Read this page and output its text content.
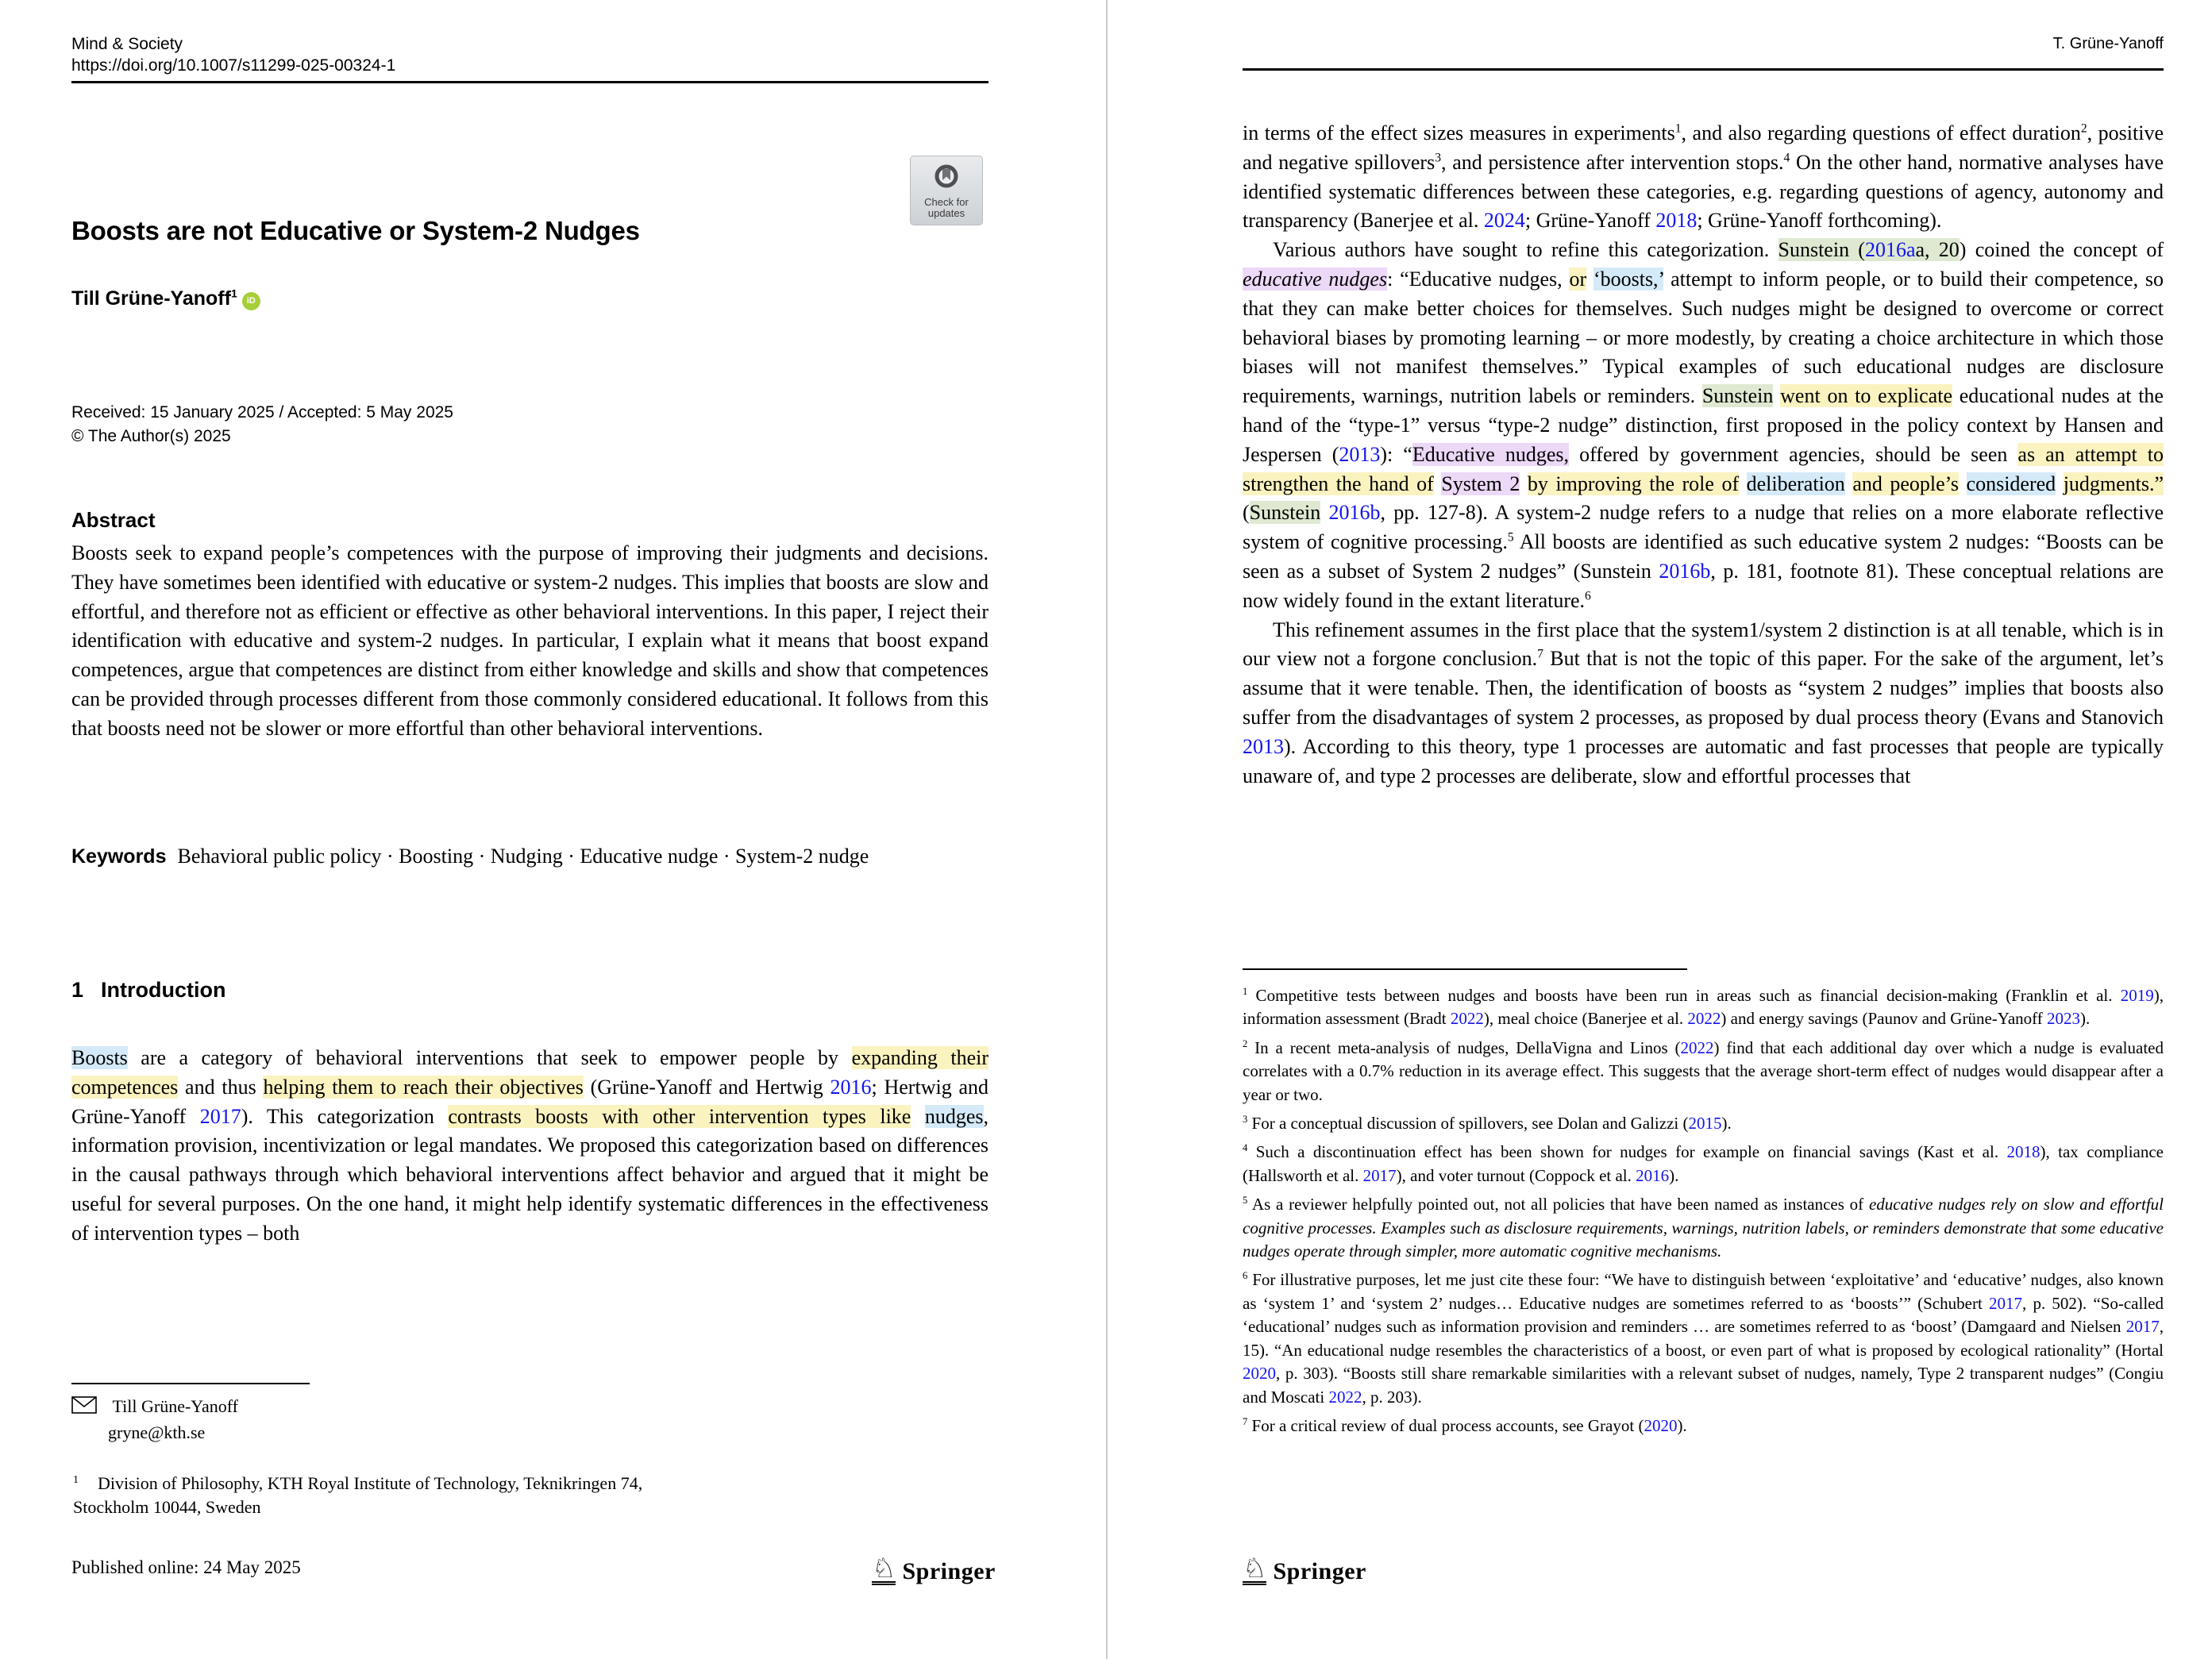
Mind & Society
https://doi.org/10.1007/s11299-025-00324-1
Check for
updates
Boosts are not Educative or System-2 Nudges
Till Grüne-Yanoff$^1$iD
Received: 15 January 2025 / Accepted: 5 May 2025
© The Author(s) 2025
Abstract
Boosts seek to expand people’s competences with the purpose of improving their judgments and decisions. They have sometimes been identified with educative or system-2 nudges. This implies that boosts are slow and effortful, and therefore not as efficient or effective as other behavioral interventions. In this paper, I reject their identification with educative and system-2 nudges. In particular, I explain what it means that boost expand competences, argue that competences are distinct from either knowledge and skills and show that competences can be provided through processes different from those commonly considered educational. It follows from this that boosts need not be slower or more effortful than other behavioral interventions.
Keywords Behavioral public policy · Boosting · Nudging · Educative nudge · System-2 nudge
1 Introduction
Boosts are a category of behavioral interventions that seek to empower people by expanding their competences and thus helping them to reach their objectives (Grüne-Yanoff and Hertwig 2016; Hertwig and Grüne-Yanoff 2017). This categorization contrasts boosts with other intervention types like nudges, information provision, incentivization or legal mandates. We proposed this categorization based on differences in the causal pathways through which behavioral interventions affect behavior and argued that it might be useful for several purposes. On the one hand, it might help identify systematic differences in the effectiveness of intervention types – both
Till Grüne-Yanoff
gryne@kth.se
$^1$ Division of Philosophy, KTH Royal Institute of Technology, Teknikringen 74, Stockholm 10044, Sweden
Published online: 24 May 2025	♘ Springer
T. Grüne-Yanoff

in terms of the effect sizes measures in experiments$^1$, and also regarding questions of effect duration$^2$, positive and negative spillovers$^3$, and persistence after intervention stops.$^4$ On the other hand, normative analyses have identified systematic differences between these categories, e.g. regarding questions of agency, autonomy and transparency (Banerjee et al. 2024; Grüne-Yanoff 2018; Grüne-Yanoff forthcoming).

Various authors have sought to refine this categorization. Sunstein (2016aa, 20) coined the concept of educative nudges: “Educative nudges, or ‘boosts,’ attempt to inform people, or to build their competence, so that they can make better choices for themselves. Such nudges might be designed to overcome or correct behavioral biases by promoting learning – or more modestly, by creating a choice architecture in which those biases will not manifest themselves.” Typical examples of such educational nudges are disclosure requirements, warnings, nutrition labels or reminders. Sunstein went on to explicate educational nudes at the hand of the “type-1” versus “type-2 nudge” distinction, first proposed in the policy context by Hansen and Jespersen (2013): “Educative nudges, offered by government agencies, should be seen as an attempt to strengthen the hand of System 2 by improving the role of deliberation and people’s considered judgments.” (Sunstein 2016b, pp. 127-8). A system-2 nudge refers to a nudge that relies on a more elaborate reflective system of cognitive processing.$^5$ All boosts are identified as such educative system 2 nudges: “Boosts can be seen as a subset of System 2 nudges” (Sunstein 2016b, p. 181, footnote 81). These conceptual relations are now widely found in the extant literature.$^6$

This refinement assumes in the first place that the system1/system 2 distinction is at all tenable, which is in our view not a forgone conclusion.$^7$ But that is not the topic of this paper. For the sake of the argument, let’s assume that it were tenable. Then, the identification of boosts as “system 2 nudges” implies that boosts also suffer from the disadvantages of system 2 processes, as proposed by dual process theory (Evans and Stanovich 2013). According to this theory, type 1 processes are automatic and fast processes that people are typically unaware of, and type 2 processes are deliberate, slow and effortful processes that

$^1$ Competitive tests between nudges and boosts have been run in areas such as financial decision-making (Franklin et al. 2019), information assessment (Bradt 2022), meal choice (Banerjee et al. 2022) and energy savings (Paunov and Grüne-Yanoff 2023).
$^2$ In a recent meta-analysis of nudges, DellaVigna and Linos (2022) find that each additional day over which a nudge is evaluated correlates with a 0.7% reduction in its average effect. This suggests that the average short-term effect of nudges would disappear after a year or two.
$^3$ For a conceptual discussion of spillovers, see Dolan and Galizzi (2015).
$^4$ Such a discontinuation effect has been shown for nudges for example on financial savings (Kast et al. 2018), tax compliance (Hallsworth et al. 2017), and voter turnout (Coppock et al. 2016).
$^5$ As a reviewer helpfully pointed out, not all policies that have been named as instances of educative nudges rely on slow and effortful cognitive processes. Examples such as disclosure requirements, warnings, nutrition labels, or reminders demonstrate that some educative nudges operate through simpler, more automatic cognitive mechanisms.
$^6$ For illustrative purposes, let me just cite these four: “We have to distinguish between ‘exploitative’ and ‘educative’ nudges, also known as ‘system 1’ and ‘system 2’ nudges… Educative nudges are sometimes referred to as ‘boosts’” (Schubert 2017, p. 502). “So-called ‘educational’ nudges such as information provision and reminders … are sometimes referred to as ‘boost’ (Damgaard and Nielsen 2017, 15). “An educational nudge resembles the characteristics of a boost, or even part of what is proposed by ecological rationality” (Hortal 2020, p. 303). “Boosts still share remarkable similarities with a relevant subset of nudges, namely, Type 2 transparent nudges” (Congiu and Moscati 2022, p. 203).
$^7$ For a critical review of dual process accounts, see Grayot (2020).
♘ Springer
